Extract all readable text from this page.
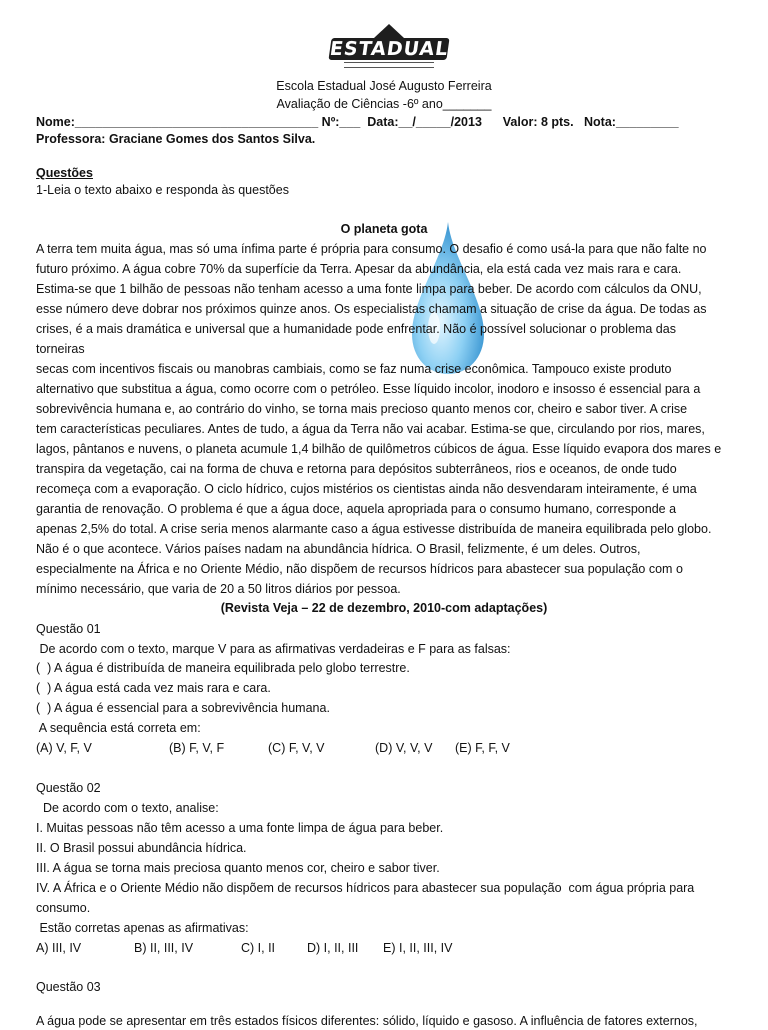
ESTADUAL
Escola Estadual José Augusto Ferreira
Avaliação de Ciências -6º ano_______
Nome:___________________________________ Nº:___  Data:__/_____/2013      Valor: 8 pts.   Nota:_________
Professora: Graciane Gomes dos Santos Silva.
Questões
1-Leia o texto abaixo e responda às questões
O planeta gota
A terra tem muita água, mas só uma ínfima parte é própria para consumo. O desafio é como usá-la para que não falte no
futuro próximo. A água cobre 70% da superfície da Terra. Apesar da abundância, ela está cada vez mais rara e cara.
Estima-se que 1 bilhão de pessoas não tenham acesso a uma fonte limpa para beber. De acordo com cálculos da ONU,
esse número deve dobrar nos próximos quinze anos. Os especialistas chamam a situação de crise da água. De todas as
crises, é a mais dramática e universal que a humanidade pode enfrentar. Não é possível solucionar o problema das
torneiras
secas com incentivos fiscais ou manobras cambiais, como se faz numa crise econômica. Tampouco existe produto
alternativo que substitua a água, como ocorre com o petróleo. Esse líquido incolor, inodoro e insosso é essencial para a
sobrevivência humana e, ao contrário do vinho, se torna mais precioso quanto menos cor, cheiro e sabor tiver. A crise
tem características peculiares. Antes de tudo, a água da Terra não vai acabar. Estima-se que, circulando por rios, mares,
lagos, pântanos e nuvens, o planeta acumule 1,4 bilhão de quilômetros cúbicos de água. Esse líquido evapora dos mares e
transpira da vegetação, cai na forma de chuva e retorna para depósitos subterrâneos, rios e oceanos, de onde tudo
recomeça com a evaporação. O ciclo hídrico, cujos mistérios os cientistas ainda não desvendaram inteiramente, é uma
garantia de renovação. O problema é que a água doce, aquela apropriada para o consumo humano, corresponde a
apenas 2,5% do total. A crise seria menos alarmante caso a água estivesse distribuída de maneira equilibrada pelo globo.
Não é o que acontece. Vários países nadam na abundância hídrica. O Brasil, felizmente, é um deles. Outros,
especialmente na África e no Oriente Médio, não dispõem de recursos hídricos para abastecer sua população com o
mínimo necessário, que varia de 20 a 50 litros diários por pessoa.
(Revista Veja – 22 de dezembro, 2010-com adaptações)
Questão 01
De acordo com o texto, marque V para as afirmativas verdadeiras e F para as falsas:
(  ) A água é distribuída de maneira equilibrada pelo globo terrestre.
(  ) A água está cada vez mais rara e cara.
(  ) A água é essencial para a sobrevivência humana.
A sequência está correta em:
(A) V, F, V	(B) F, V, F	(C) F, V, V	(D) V, V, V (E) F, F, V
Questão 02
De acordo com o texto, analise:
I. Muitas pessoas não têm acesso a uma fonte limpa de água para beber.
II. O Brasil possui abundância hídrica.
III. A água se torna mais preciosa quanto menos cor, cheiro e sabor tiver.
IV. A África e o Oriente Médio não dispõem de recursos hídricos para abastecer sua população  com água própria para
consumo.
Estão corretas apenas as afirmativas:
A) III, IV	B) II, III, IV	C) I, II	D) I, II, III E) I, II, III, IV
Questão 03
A água pode se apresentar em três estados físicos diferentes: sólido, líquido e gasoso. A influência de fatores externos,
